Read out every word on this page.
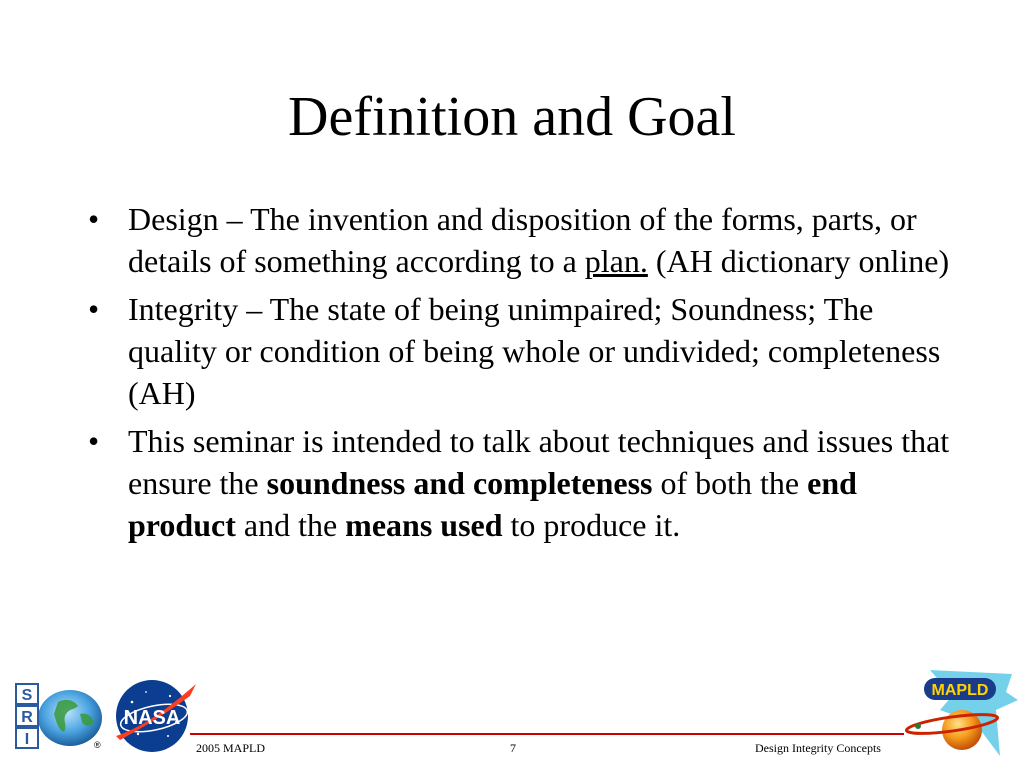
Definition and Goal
• Design – The invention and disposition of the forms, parts, or details of something according to a plan. (AH dictionary online)
• Integrity – The state of being unimpaired; Soundness; The quality or condition of being whole or undivided; completeness (AH)
• This seminar is intended to talk about techniques and issues that ensure the soundness and completeness of both the end product and the means used to produce it.
S
R
I	®
NASA
MAPLD
2005 MAPLD	7	Design Integrity Concepts
